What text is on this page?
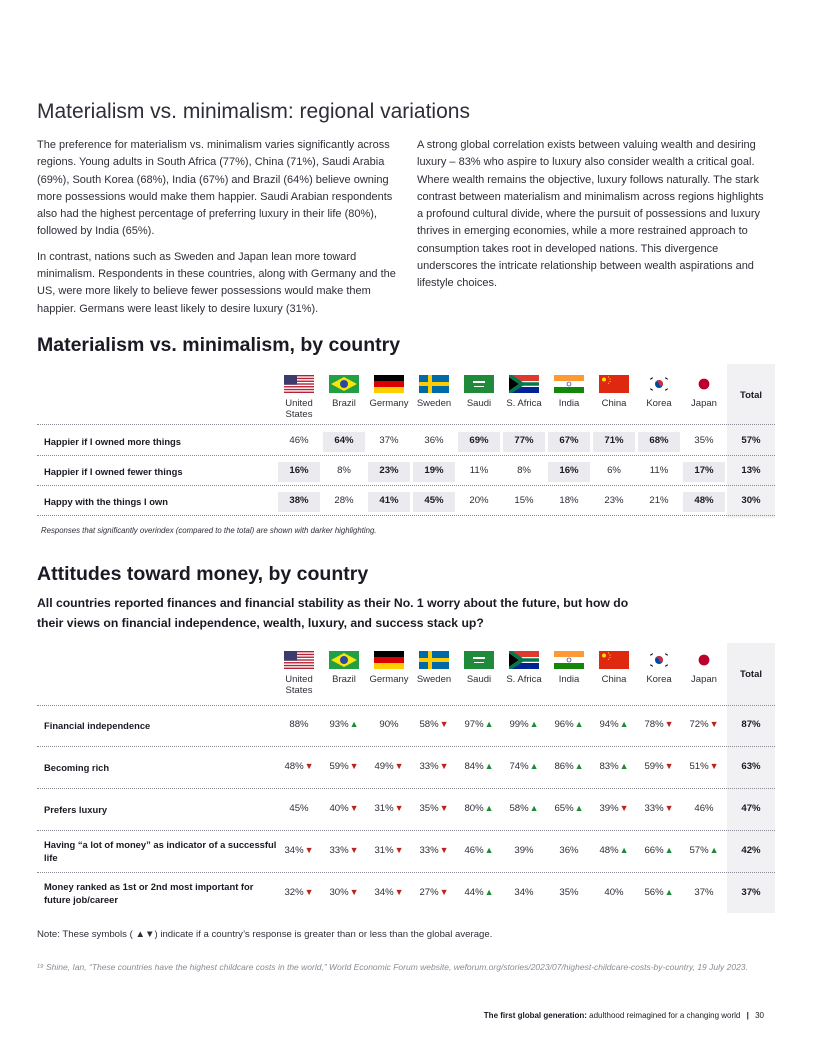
Materialism vs. minimalism: regional variations

The preference for materialism vs. minimalism varies significantly across regions. Young adults in South Africa (77%), China (71%), Saudi Arabia (69%), South Korea (68%), India (67%) and Brazil (64%) believe owning more possessions would make them happier. Saudi Arabian respondents also had the highest percentage of preferring luxury in their life (80%), followed by India (65%).

In contrast, nations such as Sweden and Japan lean more toward minimalism. Respondents in these countries, along with Germany and the US, were more likely to believe fewer possessions would make them happier. Germans were least likely to desire luxury (31%).

A strong global correlation exists between valuing wealth and desiring luxury – 83% who aspire to luxury also consider wealth a critical goal. Where wealth remains the objective, luxury follows naturally. The stark contrast between materialism and minimalism across regions highlights a profound cultural divide, where the pursuit of possessions and luxury thrives in emerging economies, while a more restrained approach to consumption takes root in developed nations. This divergence underscores the intricate relationship between wealth aspirations and lifestyle choices.

Materialism vs. minimalism, by country
United States
Brazil	Germany Sweden	Saudi	S. Africa	India	China	Korea	Japan
Total
Happier if I owned more things	46%	64%	37%	36%	69%	77%	67%	71%	68%	35%	57%
Happier if I owned fewer things	16%	8%	23%	19%	11%	8%	16%	6%	11%	17%	13%
Happy with the things I own	38%	28%	41%	45%	20%	15%	18%	23%	21%	48%	30%
Responses that significantly overindex (compared to the total) are shown with darker highlighting.
Attitudes toward money, by country
All countries reported finances and financial stability as their No. 1 worry about the future, but how do their views on financial independence, wealth, luxury, and success stack up?
United States
Brazil	Germany Sweden	Saudi	S. Africa	India	China	Korea	Japan	Total
Financial independence	88%	93%▲	90%	58%▼	97%▲	99%▲	96%▲	94%▲	78%▼	72%▼	87%
Becoming rich	48%▼	59%▼	49%▼	33%▼	84%▲	74%▲	86%▲	83%▲	59%▼	51%▼	63%
Prefers luxury	45%	40%▼	31%▼	35%▼	80%▲	58%▲	65%▲	39%▼	33%▼	46%	47%
Having “a lot of money” as indicator of a successful life
34%▼	33%▼	31%▼	33%▼	46%▲	39%	36%	48%▲	66%▲	57%▲	42%
Money ranked as 1st or 2nd most important for future job/career
32%▼	30%▼	34%▼	27%▼	44%▲	34%	35%	40%	56%▲	37%	37%
Note: These symbols ( ▲▼) indicate if a country’s response is greater than or less than the global average.
¹⁹ Shine, Ian, “These countries have the highest childcare costs in the world,” World Economic Forum website, weforum.org/stories/2023/07/highest-childcare-costs-by-country, 19 July 2023.
The first global generation: adulthood reimagined for a changing world | 30
